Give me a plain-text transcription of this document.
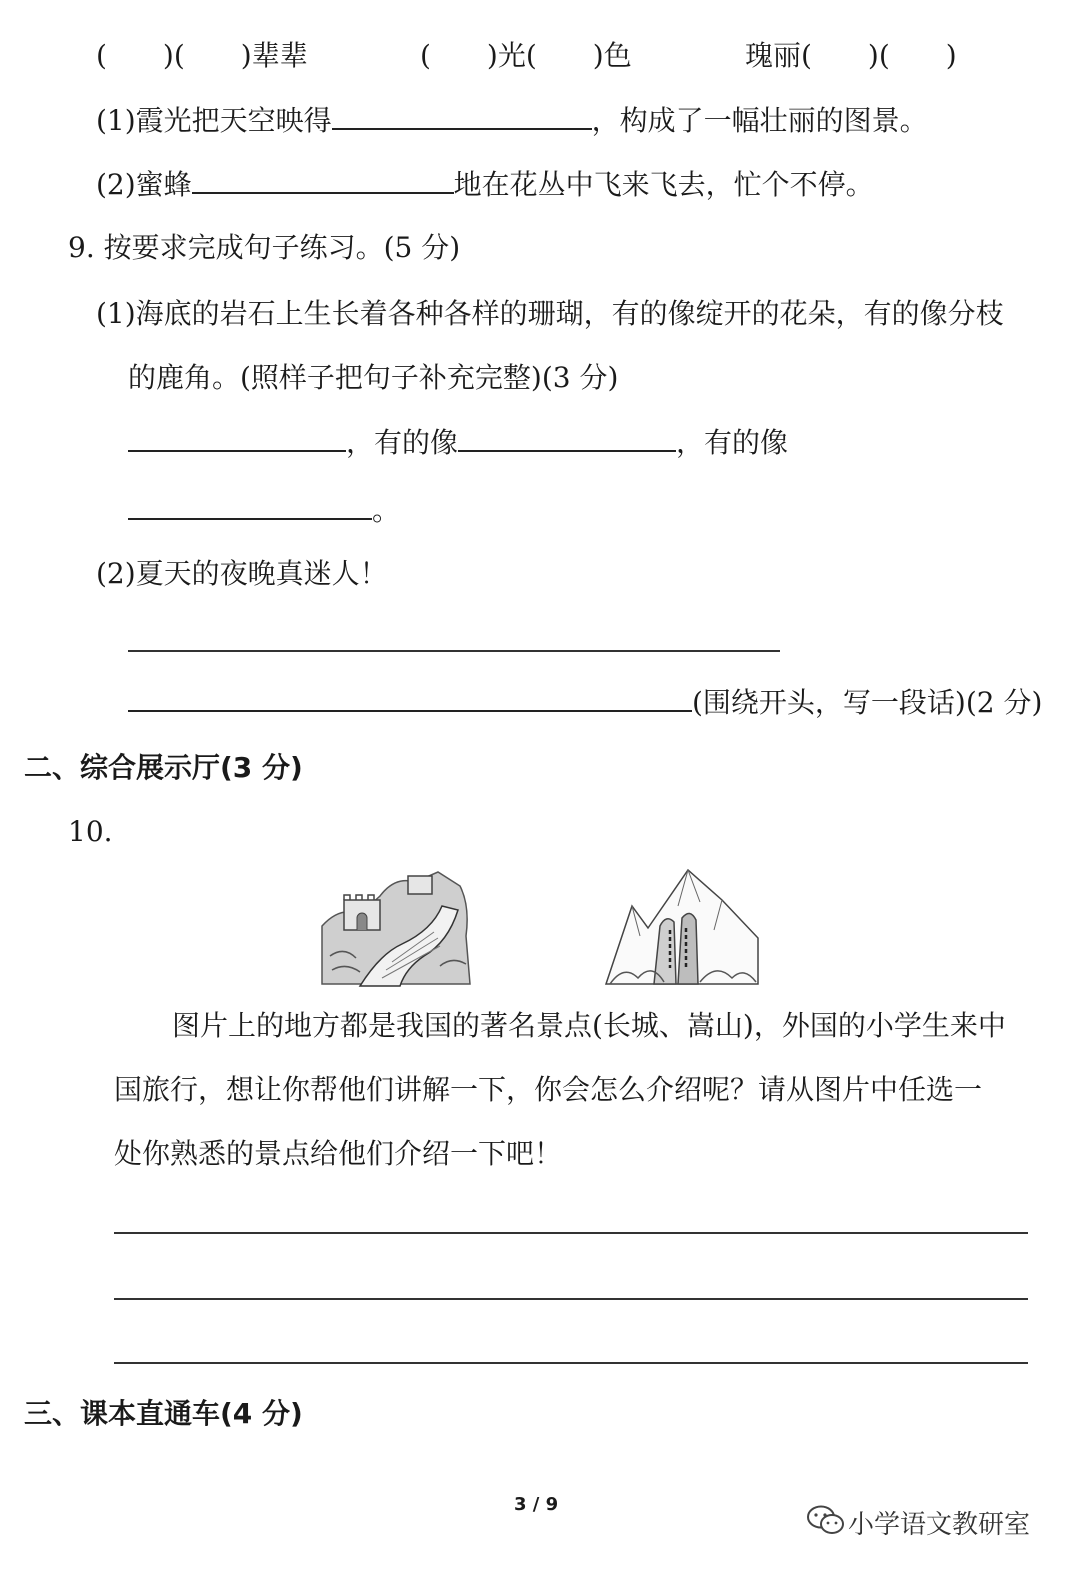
(　　)(　　)辈辈	(　　)光(　　)色	瑰丽(　　)(　　)
(1)霞光把天空映得	，构成了一幅壮丽的图景。
(2)蜜蜂	地在花丛中飞来飞去，忙个不停。
9. 按要求完成句子练习。(5 分)
(1)海底的岩石上生长着各种各样的珊瑚，有的像绽开的花朵，有的像分枝
的鹿角。(照样子把句子补充完整)(3 分)
，有的像	，有的像
。
(2)夏天的夜晚真迷人！
(围绕开头，写一段话)(2 分)
二、综合展示厅(3 分)
10.
图片上的地方都是我国的著名景点(长城、嵩山)，外国的小学生来中
国旅行，想让你帮他们讲解一下，你会怎么介绍呢？请从图片中任选一
处你熟悉的景点给他们介绍一下吧！
三、课本直通车(4 分)
3 / 9
小学语文教研室
